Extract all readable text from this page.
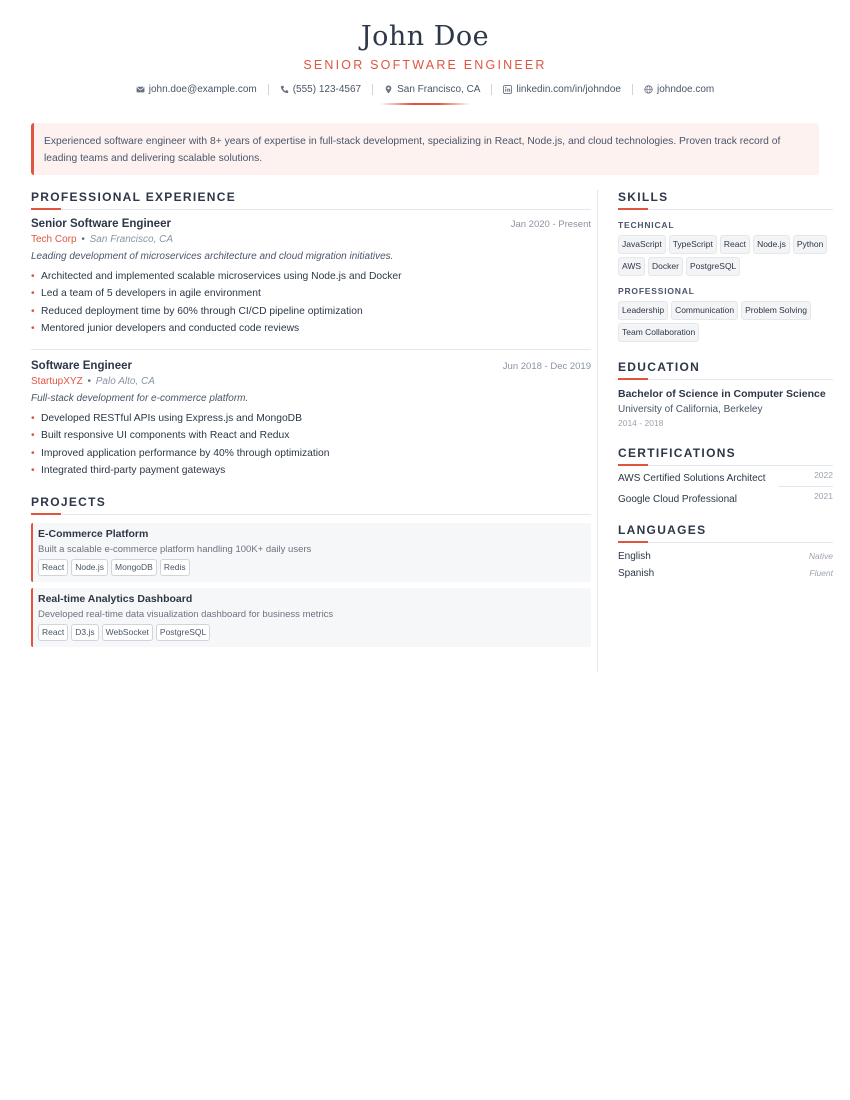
John Doe
SENIOR SOFTWARE ENGINEER
john.doe@example.com	(555) 123-4567	San Francisco, CA	linkedin.com/in/johndoe	johndoe.com
Experienced software engineer with 8+ years of expertise in full-stack development, specializing in React, Node.js, and cloud technologies. Proven track record of leading teams and delivering scalable solutions.
PROFESSIONAL EXPERIENCE
Senior Software Engineer	Jan 2020 - Present
Tech Corp • San Francisco, CA
Leading development of microservices architecture and cloud migration initiatives.
• Architected and implemented scalable microservices using Node.js and Docker
• Led a team of 5 developers in agile environment
• Reduced deployment time by 60% through CI/CD pipeline optimization
• Mentored junior developers and conducted code reviews
Software Engineer	Jun 2018 - Dec 2019
StartupXYZ • Palo Alto, CA
Full-stack development for e-commerce platform.
• Developed RESTful APIs using Express.js and MongoDB
• Built responsive UI components with React and Redux
• Improved application performance by 40% through optimization
• Integrated third-party payment gateways
PROJECTS
E-Commerce Platform
Built a scalable e-commerce platform handling 100K+ daily users
React	Node.js	MongoDB	Redis
Real-time Analytics Dashboard
Developed real-time data visualization dashboard for business metrics
React	D3.js	WebSocket	PostgreSQL
SKILLS
TECHNICAL
JavaScript	TypeScript	React	Node.js	Python
AWS	Docker	PostgreSQL
PROFESSIONAL
Leadership	Communication	Problem Solving
Team Collaboration
EDUCATION
Bachelor of Science in Computer Science
University of California, Berkeley
2014 - 2018
CERTIFICATIONS
AWS Certified Solutions Architect	2022
Google Cloud Professional	2021
LANGUAGES
English	Native
Spanish	Fluent
